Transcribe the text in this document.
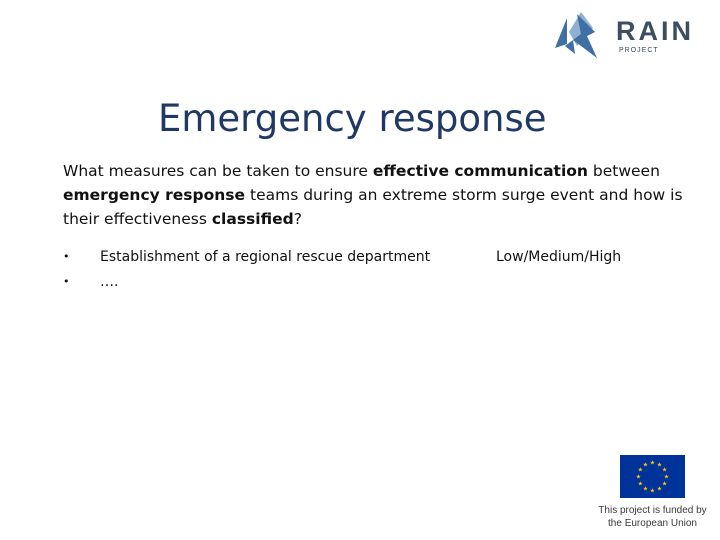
RAIN
PROJECT
Emergency response

What measures can be taken to ensure effective communication between emergency response teams during an extreme storm surge event and how is their effectiveness classified?

• Establishment of a regional rescue department	Low/Medium/High
• ….
★ ★
★
★
★
★
★
★
★
★
★
★
This project is funded by
the European Union
